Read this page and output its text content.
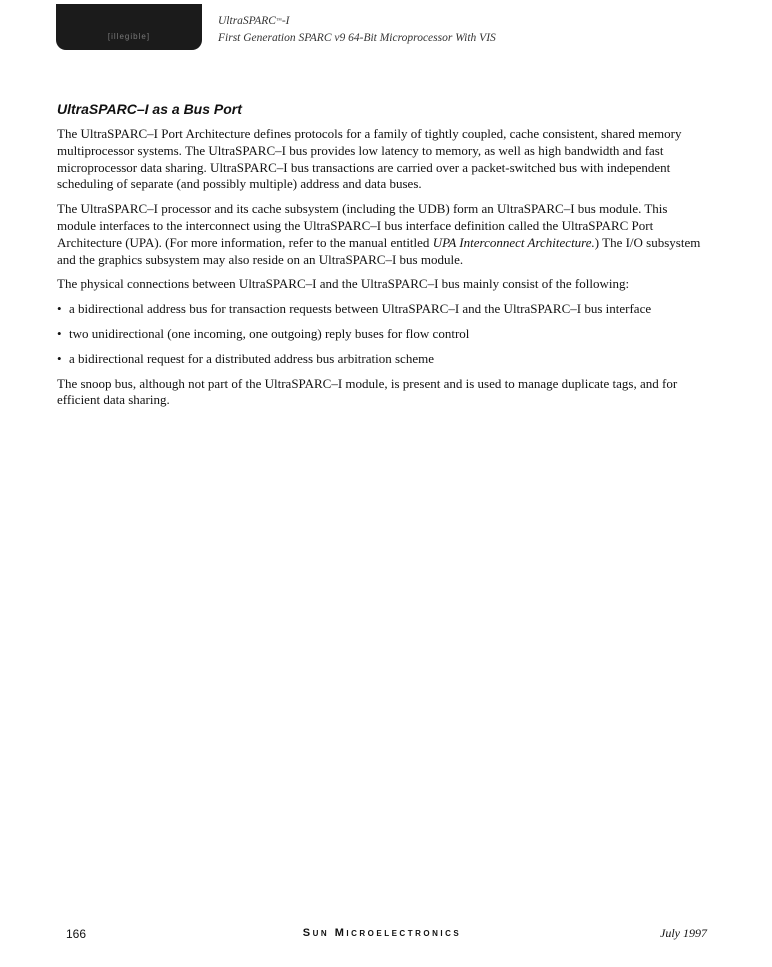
[illegible]
UltraSPARC™-I
First Generation SPARC v9 64-Bit Microprocessor With VIS
UltraSPARC–I as a Bus Port

The UltraSPARC–I Port Architecture defines protocols for a family of tightly coupled, cache consistent, shared memory multiprocessor systems. The UltraSPARC–I bus provides low latency to memory, as well as high bandwidth and fast microprocessor data sharing. UltraSPARC–I bus transactions are carried over a packet-switched bus with independent scheduling of separate (and possibly multiple) address and data buses.

The UltraSPARC–I processor and its cache subsystem (including the UDB) form an UltraSPARC–I bus module. This module interfaces to the interconnect using the UltraSPARC–I bus interface definition called the UltraSPARC Port Architecture (UPA). (For more information, refer to the manual entitled UPA Interconnect Architecture.) The I/O subsystem and the graphics subsystem may also reside on an UltraSPARC–I bus module.

The physical connections between UltraSPARC–I and the UltraSPARC–I bus mainly consist of the following:

• a bidirectional address bus for transaction requests between UltraSPARC–I and the UltraSPARC–I bus interface
• two unidirectional (one incoming, one outgoing) reply buses for flow control
• a bidirectional request for a distributed address bus arbitration scheme

The snoop bus, although not part of the UltraSPARC–I module, is present and is used to manage duplicate tags, and for efficient data sharing.

166	Sun Microelectronics	July 1997
